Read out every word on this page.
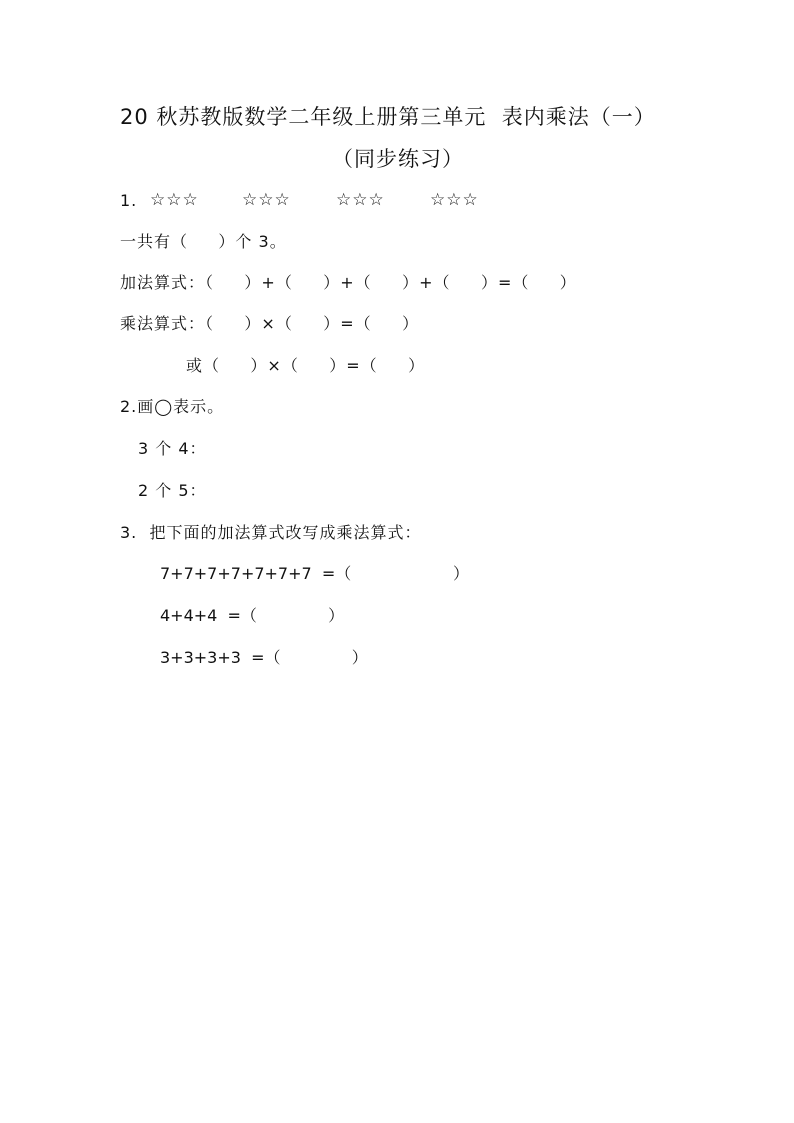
20 秋苏教版数学二年级上册第三单元  表内乘法（一）
（同步练习）
1. ☆☆☆	☆☆☆	☆☆☆	☆☆☆
一共有（     ）个 3。
加法算式：（     ）+（     ）+（     ）+（     ）=（     ）
乘法算式：（     ）×（     ）=（     ）
或（     ）×（     ）=（     ）
2.画◯表示。
3 个 4：
2 个 5：
3.  把下面的加法算式改写成乘法算式：
7+7+7+7+7+7+7  =（                    ）
4+4+4  =（              ）
3+3+3+3  =（              ）
